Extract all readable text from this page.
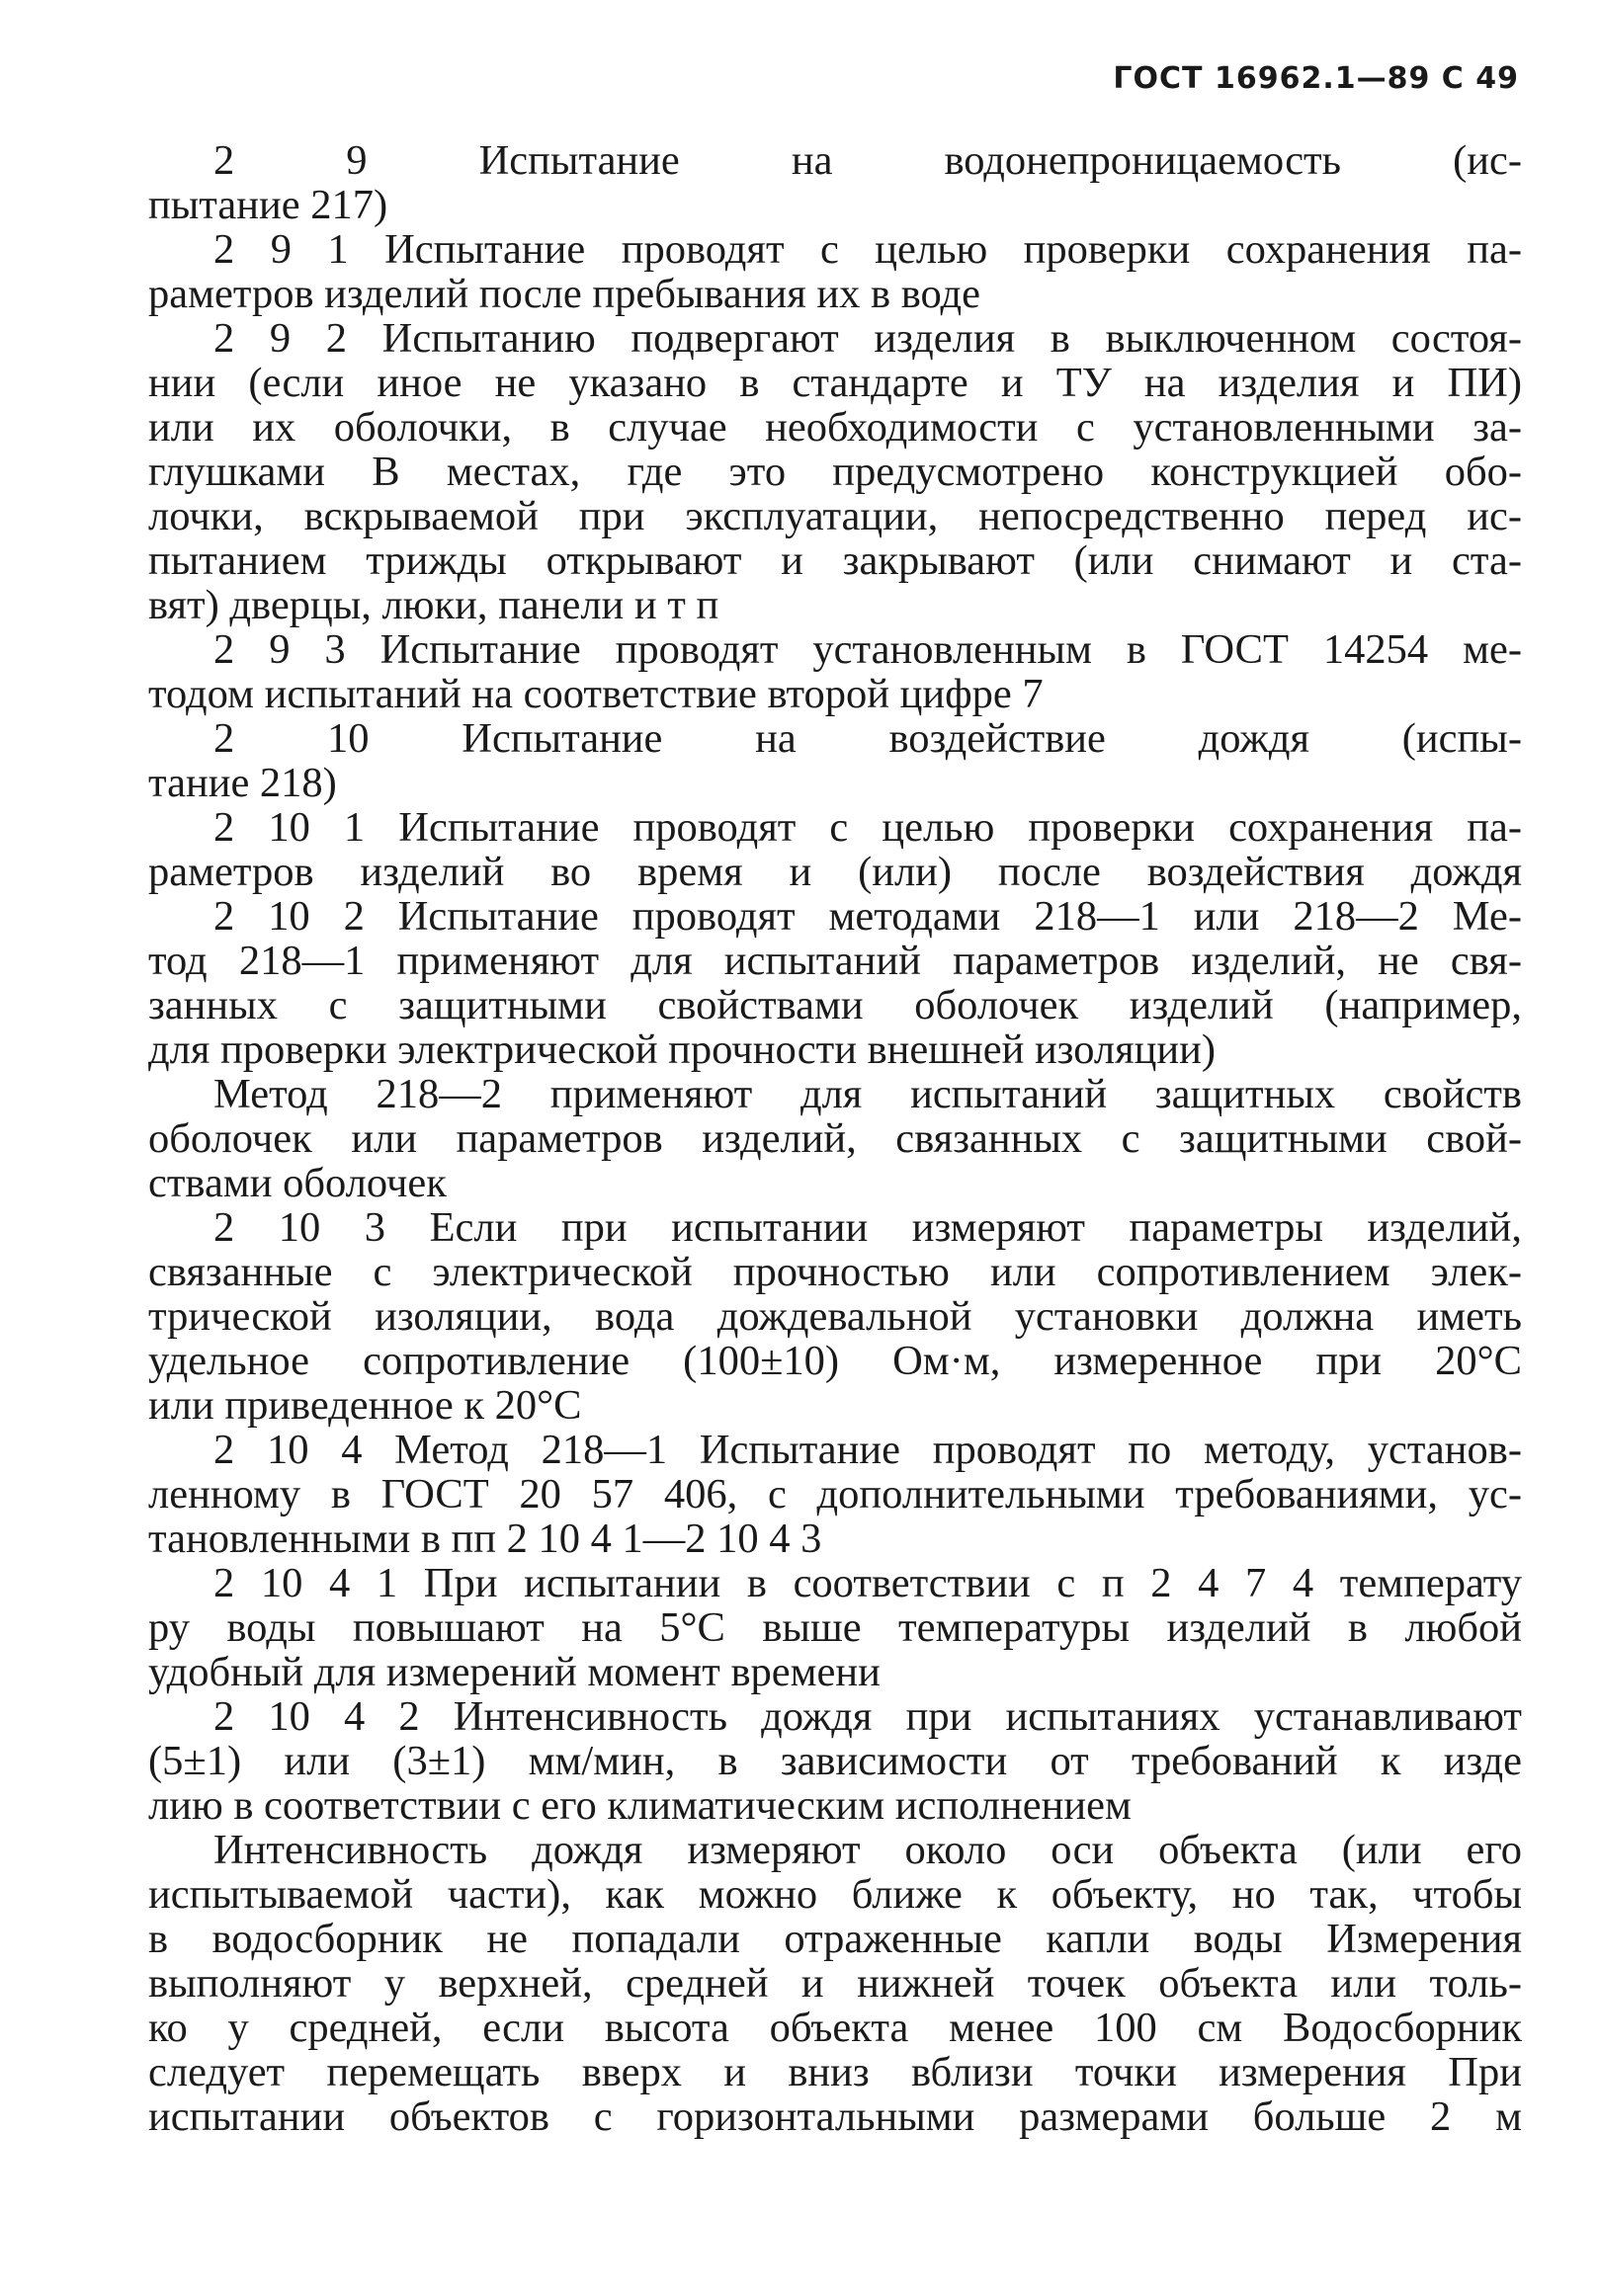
ГОСТ 16962.1—89 С 49
2 9 Испытание на водонепроницаемость (ис-
пытание 217)
2 9 1 Испытание проводят с целью проверки сохранения па-
раметров изделий после пребывания их в воде
2 9 2 Испытанию подвергают изделия в выключенном состоя-
нии (если иное не указано в стандарте и ТУ на изделия и ПИ)
или их оболочки, в случае необходимости с установленными за-
глушками В местах, где это предусмотрено конструкцией обо-
лочки, вскрываемой при эксплуатации, непосредственно перед ис-
пытанием трижды открывают и закрывают (или снимают и ста-
вят) дверцы, люки, панели и т п
2 9 3 Испытание проводят установленным в ГОСТ 14254 ме-
тодом испытаний на соответствие второй цифре 7
2 10 Испытание на воздействие дождя (испы-
тание 218)
2 10 1 Испытание проводят с целью проверки сохранения па-
раметров изделий во время и (или) после воздействия дождя
2 10 2 Испытание проводят методами 218—1 или 218—2 Ме-
тод 218—1 применяют для испытаний параметров изделий, не свя-
занных с защитными свойствами оболочек изделий (например,
для проверки электрической прочности внешней изоляции)
Метод 218—2 применяют для испытаний защитных свойств
оболочек или параметров изделий, связанных с защитными свой-
ствами оболочек
2 10 3 Если при испытании измеряют параметры изделий,
связанные с электрической прочностью или сопротивлением элек-
трической изоляции, вода дождевальной установки должна иметь
удельное сопротивление (100±10) Ом·м, измеренное при 20°С
или приведенное к 20°С
2 10 4 Метод 218—1 Испытание проводят по методу, установ-
ленному в ГОСТ 20 57 406, с дополнительными требованиями, ус-
тановленными в пп 2 10 4 1—2 10 4 3
2 10 4 1 При испытании в соответствии с п 2 4 7 4 температу
ру воды повышают на 5°С выше температуры изделий в любой
удобный для измерений момент времени
2 10 4 2 Интенсивность дождя при испытаниях устанавливают
(5±1) или (3±1) мм/мин, в зависимости от требований к изде
лию в соответствии с его климатическим исполнением
Интенсивность дождя измеряют около оси объекта (или его
испытываемой части), как можно ближе к объекту, но так, чтобы
в водосборник не попадали отраженные капли воды Измерения
выполняют у верхней, средней и нижней точек объекта или толь-
ко у средней, если высота объекта менее 100 см Водосборник
следует перемещать вверх и вниз вблизи точки измерения При
испытании объектов с горизонтальными размерами больше 2 м
